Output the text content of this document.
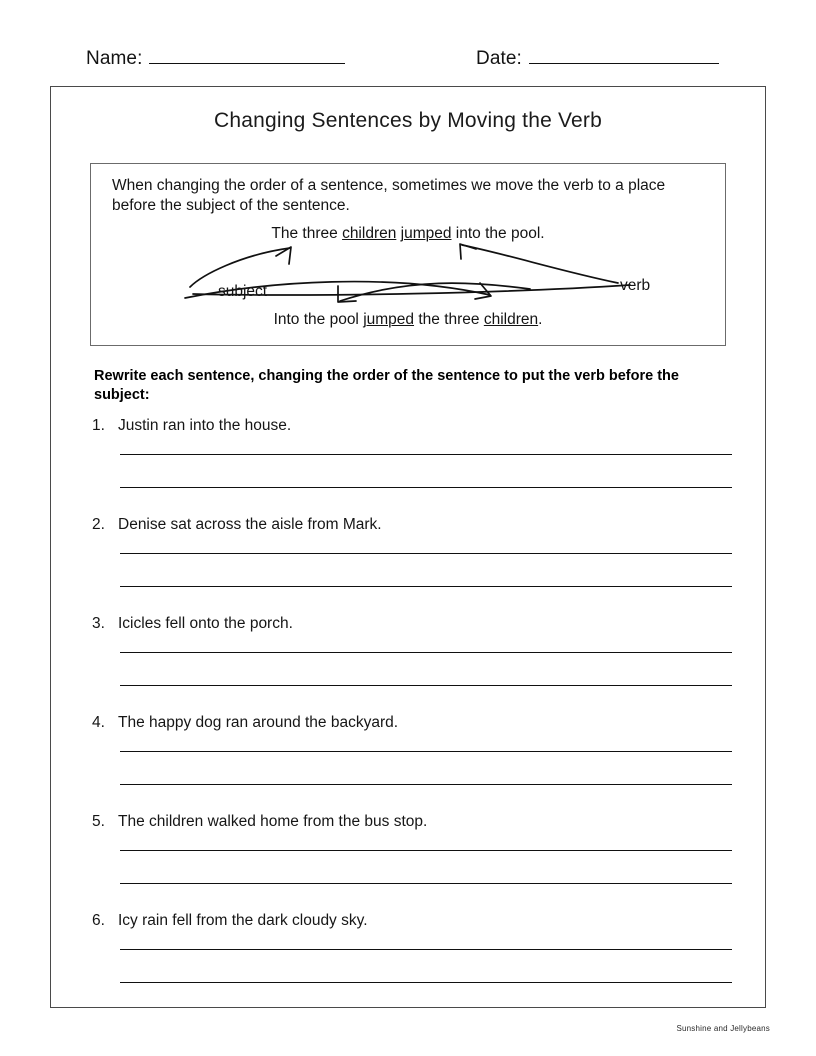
Name:	Date:
Changing Sentences by Moving the Verb
When changing the order of a sentence, sometimes we move the verb to a place before the subject of the sentence.
The three children jumped into the pool.
Into the pool jumped the three children.
subject	verb
Rewrite each sentence, changing the order of the sentence to put the verb before the subject:
1. Justin ran into the house.
2. Denise sat across the aisle from Mark.
3. Icicles fell onto the porch.
4. The happy dog ran around the backyard.
5. The children walked home from the bus stop.
6. Icy rain fell from the dark cloudy sky.
Sunshine and Jellybeans
